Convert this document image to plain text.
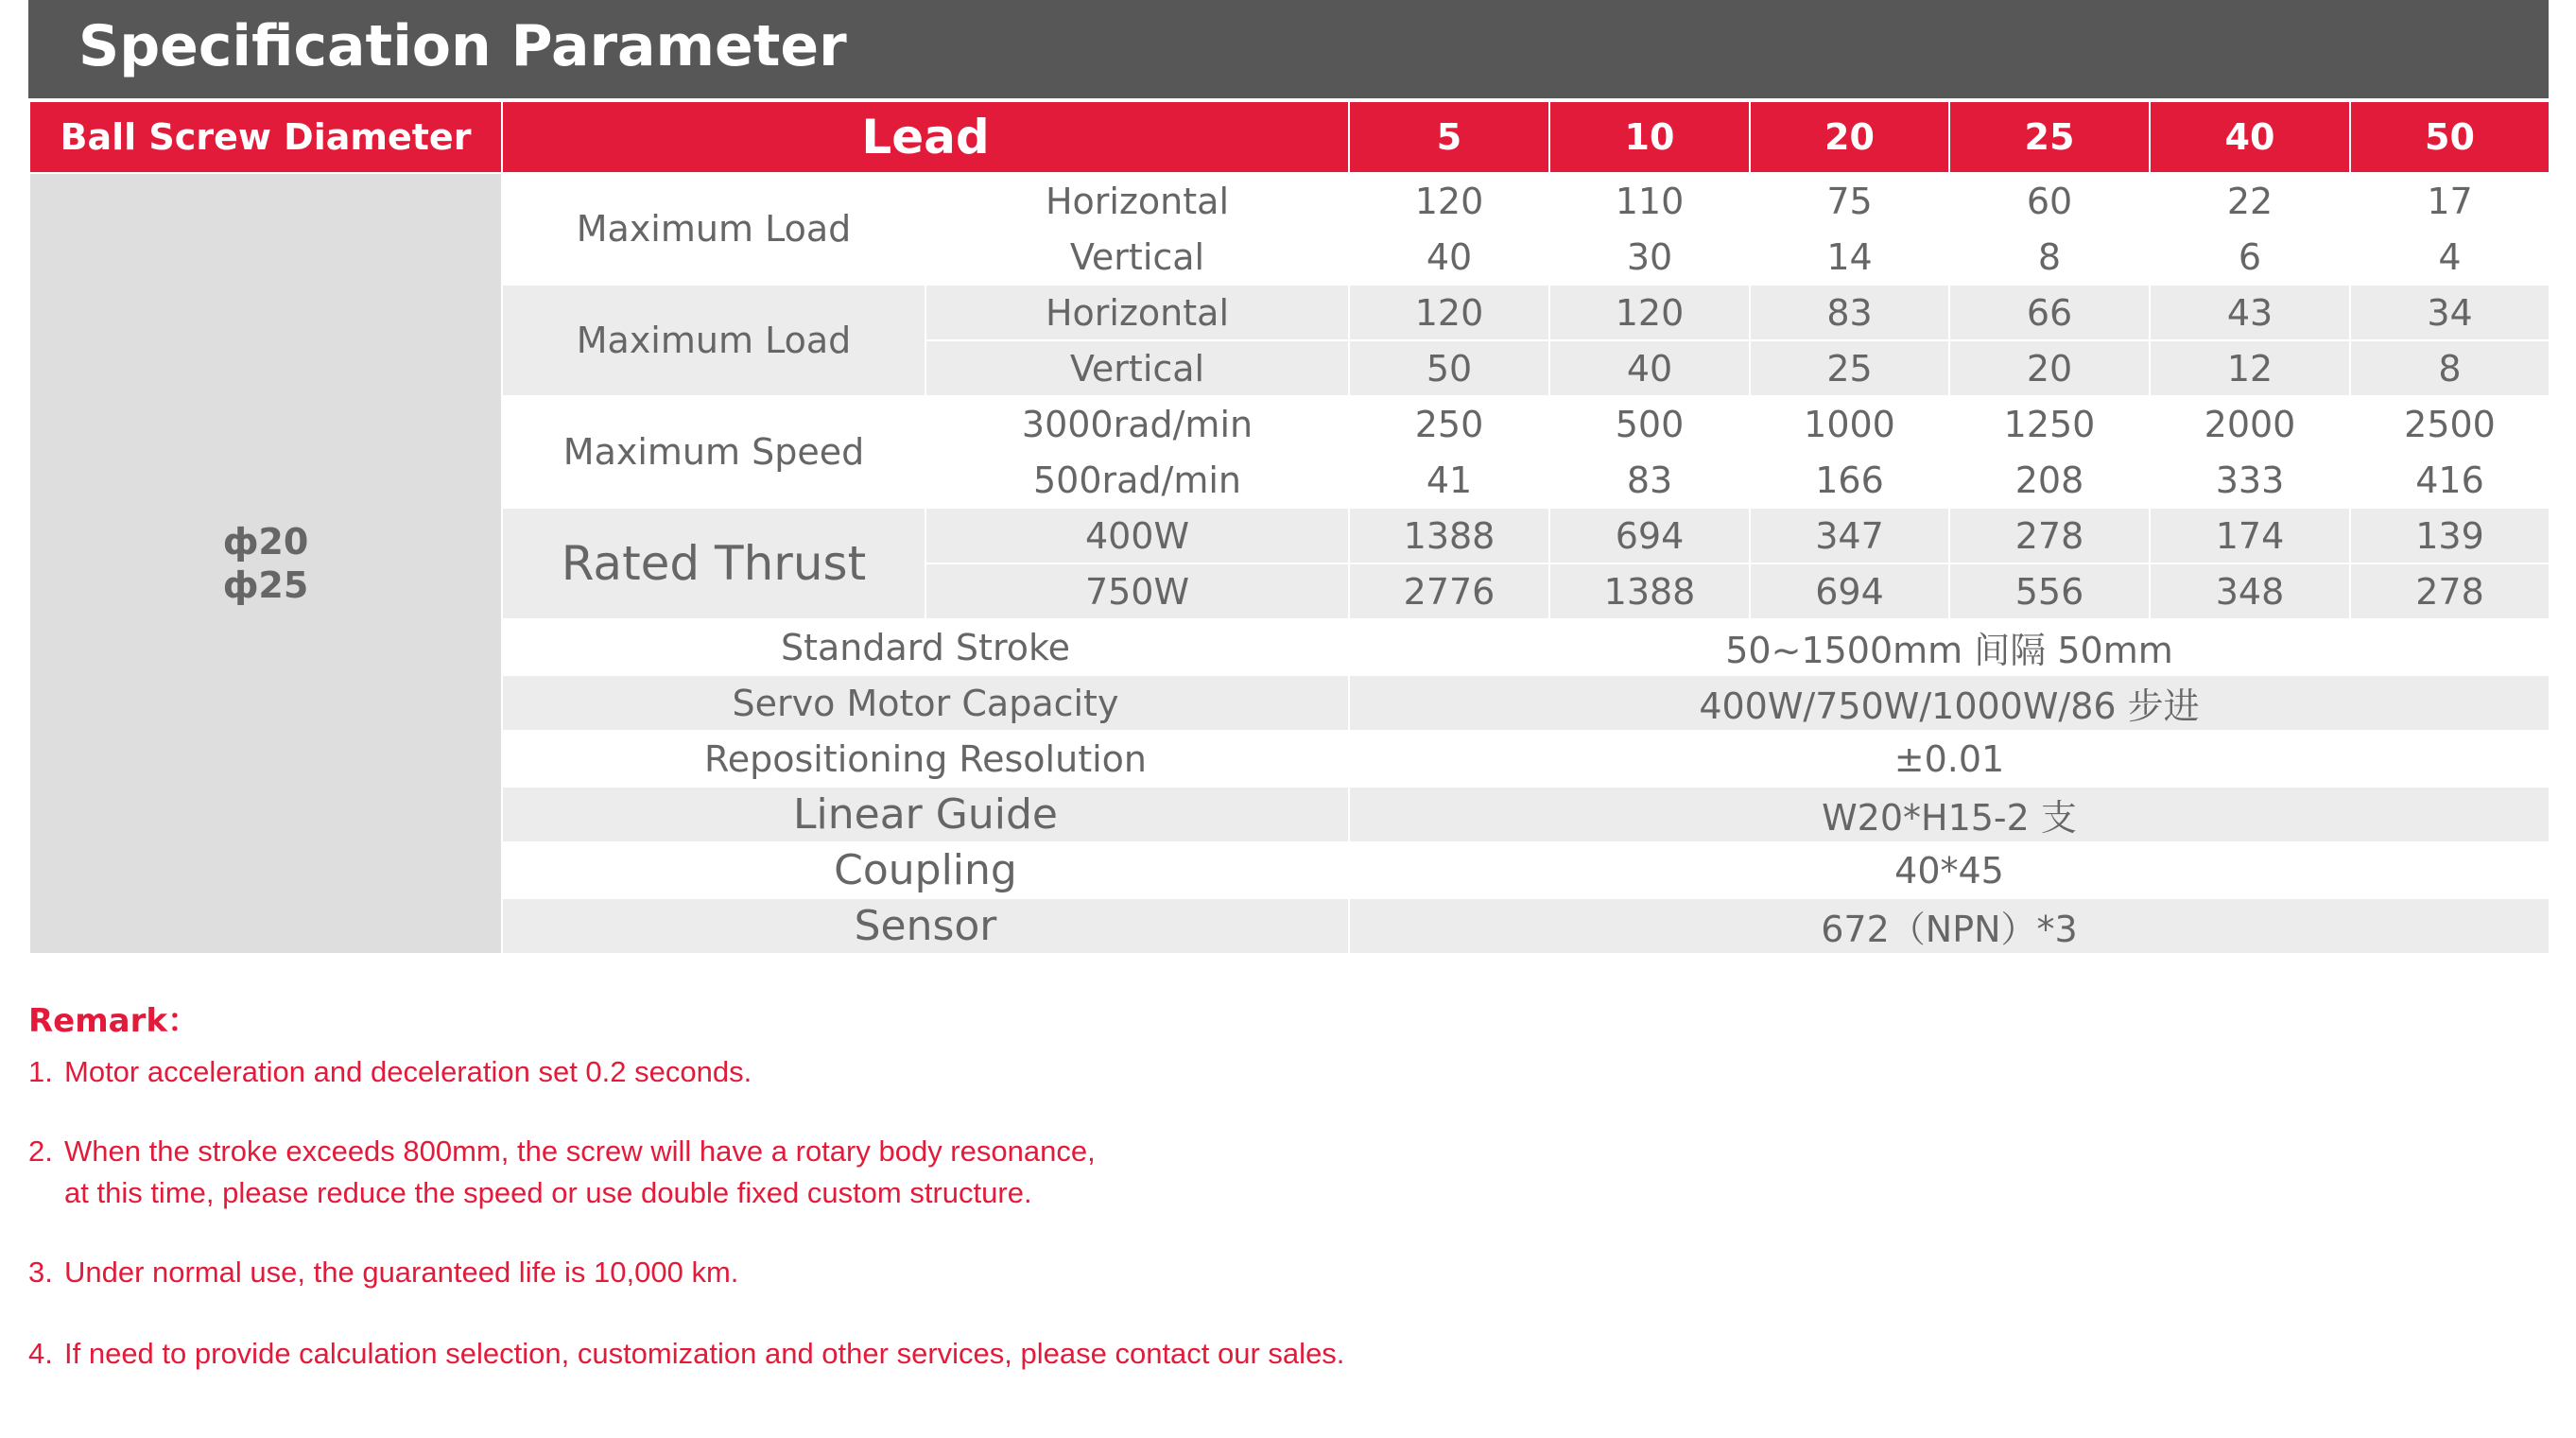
Specification Parameter
Ball Screw Diameter	Lead		5	10	20	25	40	50

ф20
ф25	Maximum Load	Horizontal	120	110	75	60	22	17
		Vertical	40	30	14	8	6	4
	Maximum Load	Horizontal	120	120	83	66	43	34
		Vertical	50	40	25	20	12	8
	Maximum Speed	3000rad/min	250	500	1000	1250	2000	2500
		500rad/min	41	83	166	208	333	416
	Rated Thrust	400W	1388	694	347	278	174	139
		750W	2776	1388	694	556	348	278
	Standard Stroke		50~1500mm 间隔 50mm					
	Servo Motor Capacity		400W/750W/1000W/86 步进					
	Repositioning Resolution		±0.01					
	Linear Guide		W20*H15-2 支					
	Coupling		40*45					
	Sensor		672（NPN）*3					
Remark：
1. Motor acceleration and deceleration set 0.2 seconds.
2. When the stroke exceeds 800mm, the screw will have a rotary body resonance,
at this time, please reduce the speed or use double fixed custom structure.
3. Under normal use, the guaranteed life is 10,000 km.
4. If need to provide calculation selection, customization and other services, please contact our sales.
